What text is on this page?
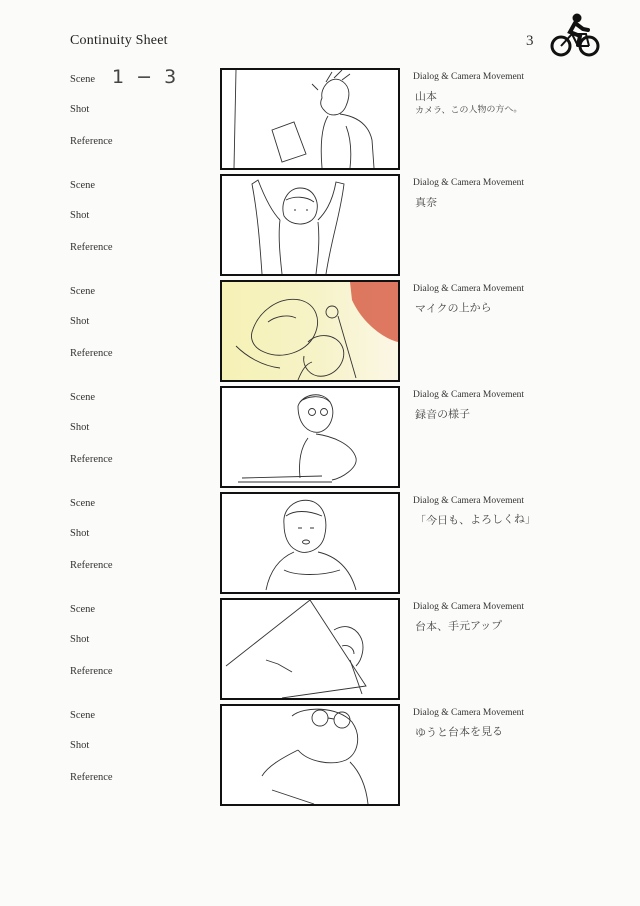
Continuity Sheet	3
Scene 1 − 3
Shot
Reference
Dialog & Camera Movement
山本
カメラ、この人物の方へ。
Scene
Shot
Reference
Dialog & Camera Movement
真奈
Scene
Shot
Reference
Dialog & Camera Movement
マイクの上から
Scene
Shot
Reference
Dialog & Camera Movement
録音の様子
Scene
Shot
Reference
Dialog & Camera Movement
「今日も、よろしくね」
Scene
Shot
Reference
Dialog & Camera Movement
台本、手元アップ
Scene
Shot
Reference
Dialog & Camera Movement
ゆうと台本を見る
